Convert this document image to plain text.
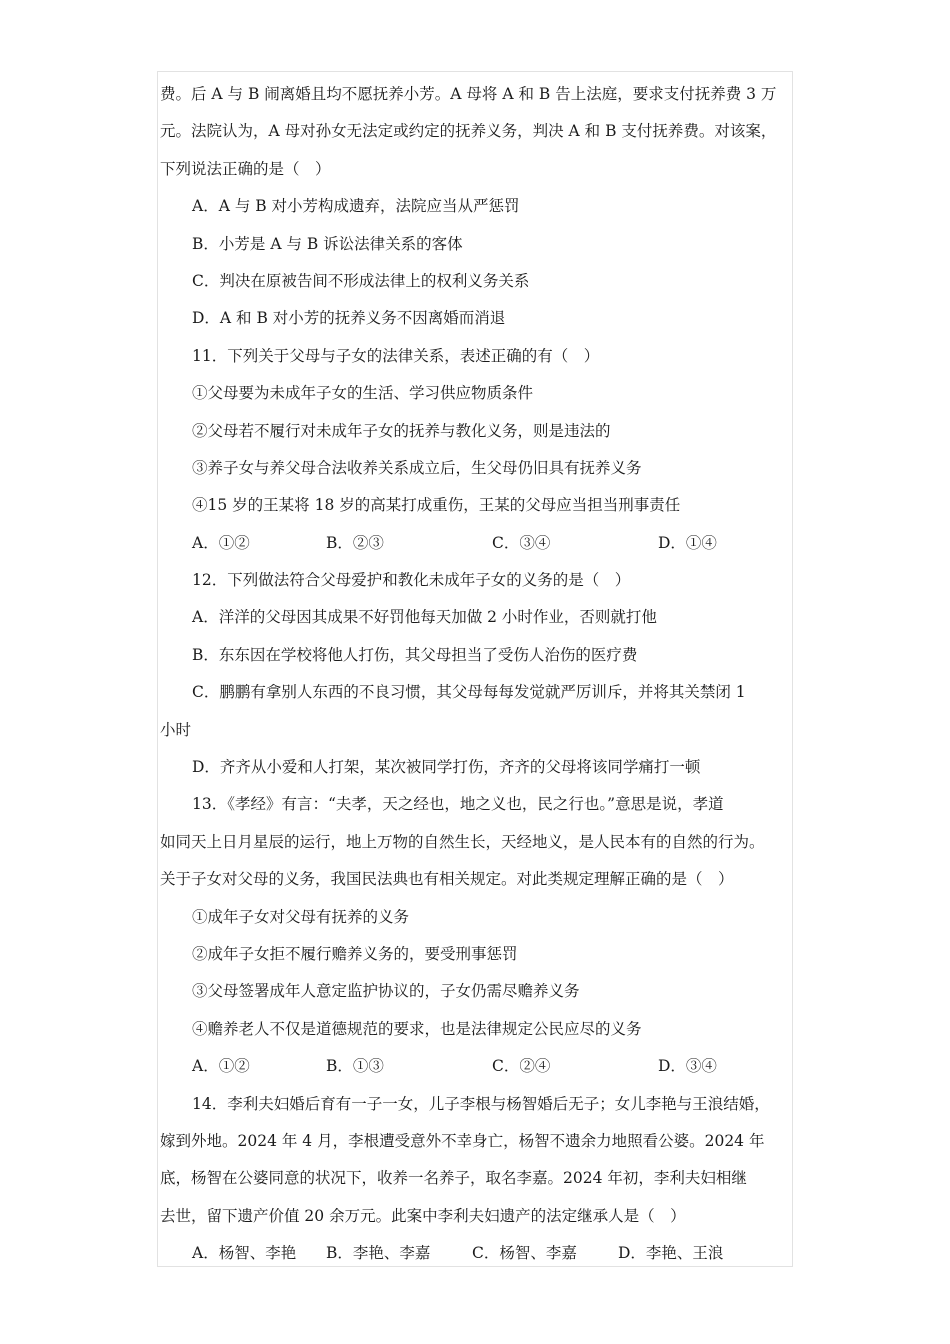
费。后 A 与 B 闹离婚且均不愿抚养小芳。A 母将 A 和 B 告上法庭，要求支付抚养费 3 万
元。法院认为，A 母对孙女无法定或约定的抚养义务，判决 A 和 B 支付抚养费。对该案，
下列说法正确的是（　）
A．A 与 B 对小芳构成遗弃，法院应当从严惩罚
B．小芳是 A 与 B 诉讼法律关系的客体
C．判决在原被告间不形成法律上的权利义务关系
D．A 和 B 对小芳的抚养义务不因离婚而消退
11．下列关于父母与子女的法律关系，表述正确的有（　）
①父母要为未成年子女的生活、学习供应物质条件
②父母若不履行对未成年子女的抚养与教化义务，则是违法的
③养子女与养父母合法收养关系成立后，生父母仍旧具有抚养义务
④15 岁的王某将 18 岁的高某打成重伤，王某的父母应当担当刑事责任
A．①②	B．②③	C．③④	D．①④
12．下列做法符合父母爱护和教化未成年子女的义务的是（　）
A．洋洋的父母因其成果不好罚他每天加做 2 小时作业，否则就打他
B．东东因在学校将他人打伤，其父母担当了受伤人治伤的医疗费
C．鹏鹏有拿别人东西的不良习惯，其父母每每发觉就严厉训斥，并将其关禁闭 1
小时
D．齐齐从小爱和人打架，某次被同学打伤，齐齐的父母将该同学痛打一顿
13．《孝经》有言：“夫孝，天之经也，地之义也，民之行也。”意思是说，孝道
如同天上日月星辰的运行，地上万物的自然生长，天经地义，是人民本有的自然的行为。
关于子女对父母的义务，我国民法典也有相关规定。对此类规定理解正确的是（　）
①成年子女对父母有抚养的义务
②成年子女拒不履行赡养义务的，要受刑事惩罚
③父母签署成年人意定监护协议的，子女仍需尽赡养义务
④赡养老人不仅是道德规范的要求，也是法律规定公民应尽的义务
A．①②	B．①③	C．②④	D．③④
14．李利夫妇婚后育有一子一女，儿子李根与杨智婚后无子；女儿李艳与王浪结婚，
嫁到外地。2024 年 4 月，李根遭受意外不幸身亡，杨智不遗余力地照看公婆。2024 年
底，杨智在公婆同意的状况下，收养一名养子，取名李嘉。2024 年初，李利夫妇相继
去世，留下遗产价值 20 余万元。此案中李利夫妇遗产的法定继承人是（　）
A．杨智、李艳	B．李艳、李嘉	C．杨智、李嘉	D．李艳、王浪
